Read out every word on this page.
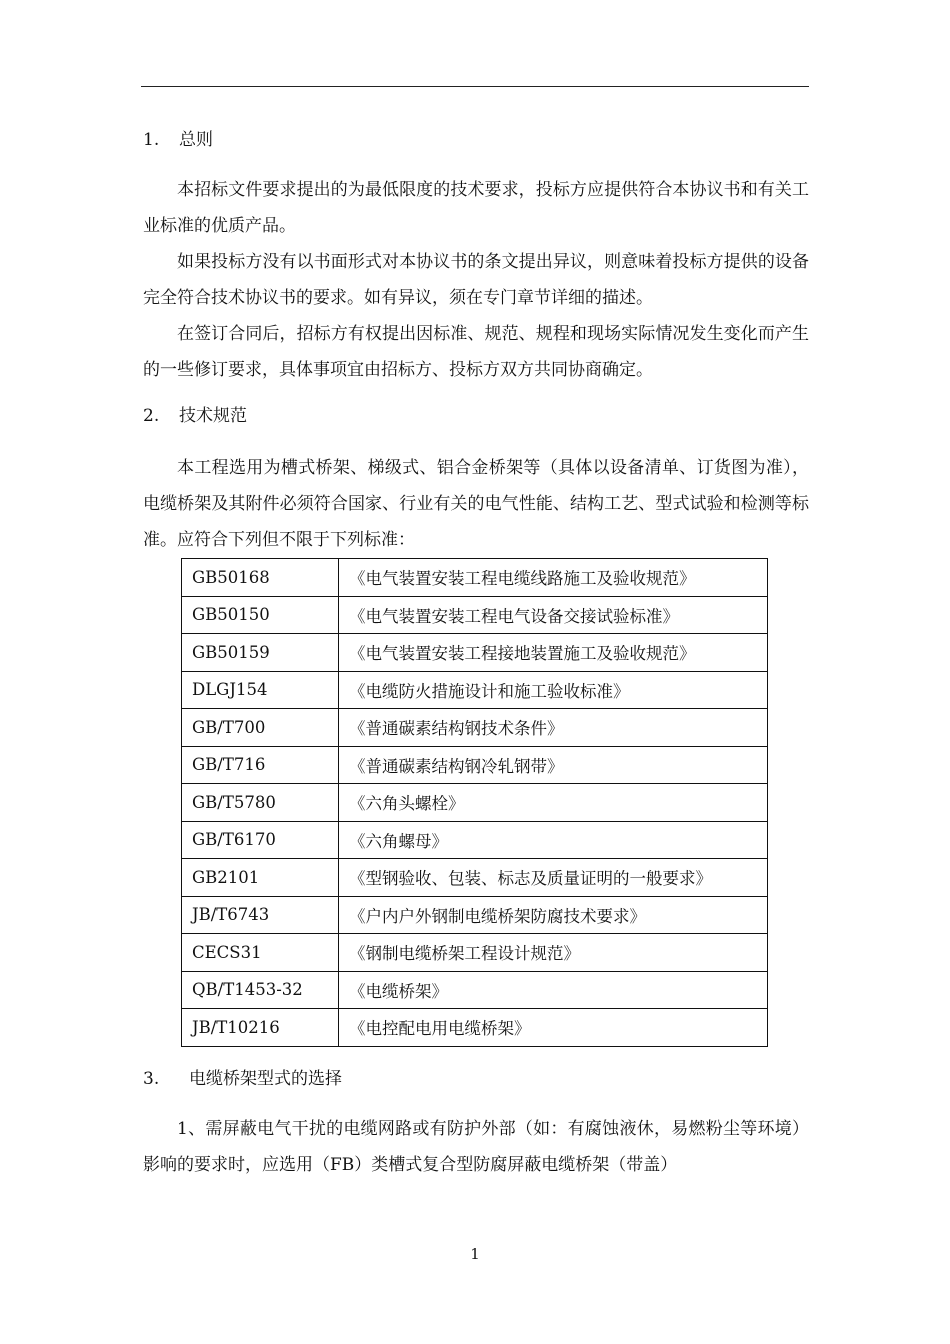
1. 总则

本招标文件要求提出的为最低限度的技术要求，投标方应提供符合本协议书和有关工业标准的优质产品。

如果投标方没有以书面形式对本协议书的条文提出异议，则意味着投标方提供的设备完全符合技术协议书的要求。如有异议，须在专门章节详细的描述。

在签订合同后，招标方有权提出因标准、规范、规程和现场实际情况发生变化而产生的一些修订要求，具体事项宜由招标方、投标方双方共同协商确定。

2. 技术规范

本工程选用为槽式桥架、梯级式、铝合金桥架等（具体以设备清单、订货图为准），电缆桥架及其附件必须符合国家、行业有关的电气性能、结构工艺、型式试验和检测等标准。应符合下列但不限于下列标准：

GB50168	《电气装置安装工程电缆线路施工及验收规范》
GB50150	《电气装置安装工程电气设备交接试验标准》
GB50159	《电气装置安装工程接地装置施工及验收规范》
DLGJ154	《电缆防火措施设计和施工验收标准》
GB/T700	《普通碳素结构钢技术条件》
GB/T716	《普通碳素结构钢冷轧钢带》
GB/T5780	《六角头螺栓》
GB/T6170	《六角螺母》
GB2101	《型钢验收、包装、标志及质量证明的一般要求》
JB/T6743	《户内户外钢制电缆桥架防腐技术要求》
CECS31	《钢制电缆桥架工程设计规范》
QB/T1453-32	《电缆桥架》
JB/T10216	《电控配电用电缆桥架》
3. 电缆桥架型式的选择

1、需屏蔽电气干扰的电缆网路或有防护外部（如：有腐蚀液休，易燃粉尘等环境）影响的要求时，应选用（FB）类槽式复合型防腐屏蔽电缆桥架（带盖）

1
